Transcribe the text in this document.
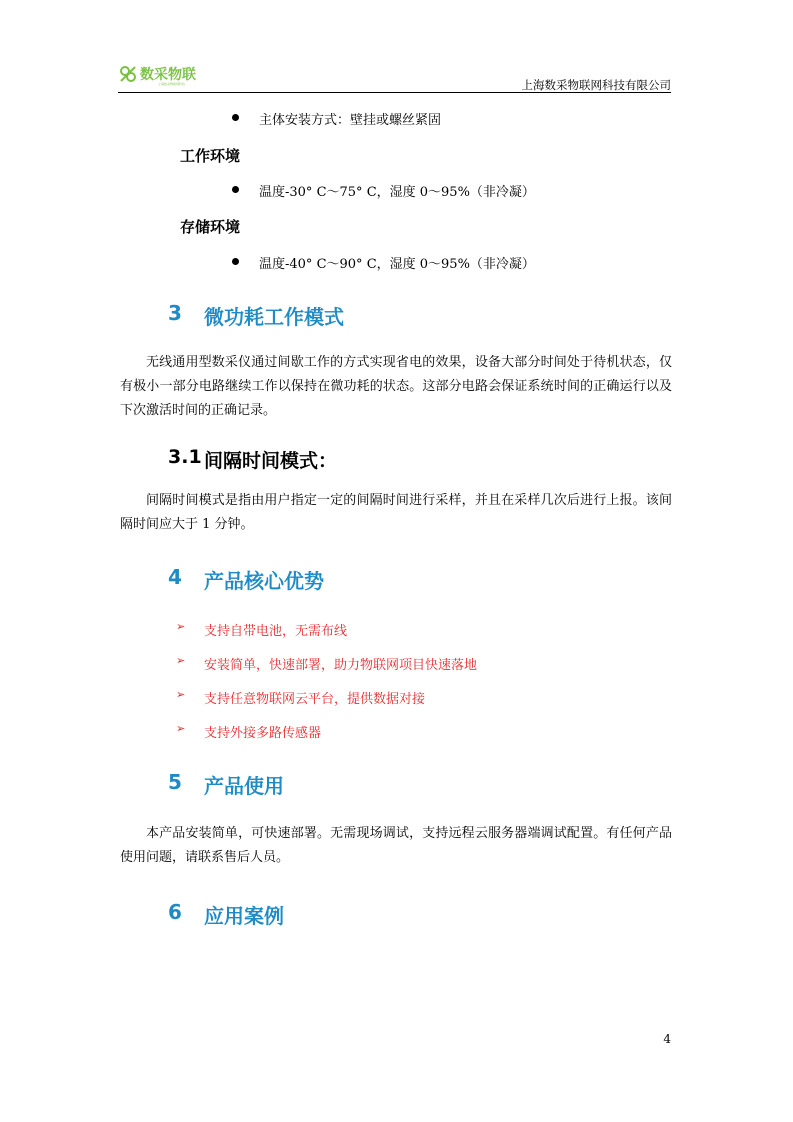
数采物联
上海数采物联网科技	上海数采物联网科技有限公司
主体安装方式：壁挂或螺丝紧固
工作环境
温度-30° C～75° C，湿度 0～95%（非冷凝）
存储环境
温度-40° C～90° C，湿度 0～95%（非冷凝）
3 微功耗工作模式
无线通用型数采仪通过间歇工作的方式实现省电的效果，设备大部分时间处于待机状态，仅有极小一部分电路继续工作以保持在微功耗的状态。这部分电路会保证系统时间的正确运行以及下次激活时间的正确记录。
3.1 间隔时间模式：
间隔时间模式是指由用户指定一定的间隔时间进行采样，并且在采样几次后进行上报。该间隔时间应大于 1 分钟。
4 产品核心优势
➢ 支持自带电池，无需布线
➢ 安装简单，快速部署，助力物联网项目快速落地
➢ 支持任意物联网云平台，提供数据对接
➢ 支持外接多路传感器
5 产品使用
本产品安装简单，可快速部署。无需现场调试，支持远程云服务器端调试配置。有任何产品使用问题，请联系售后人员。
6 应用案例
4
